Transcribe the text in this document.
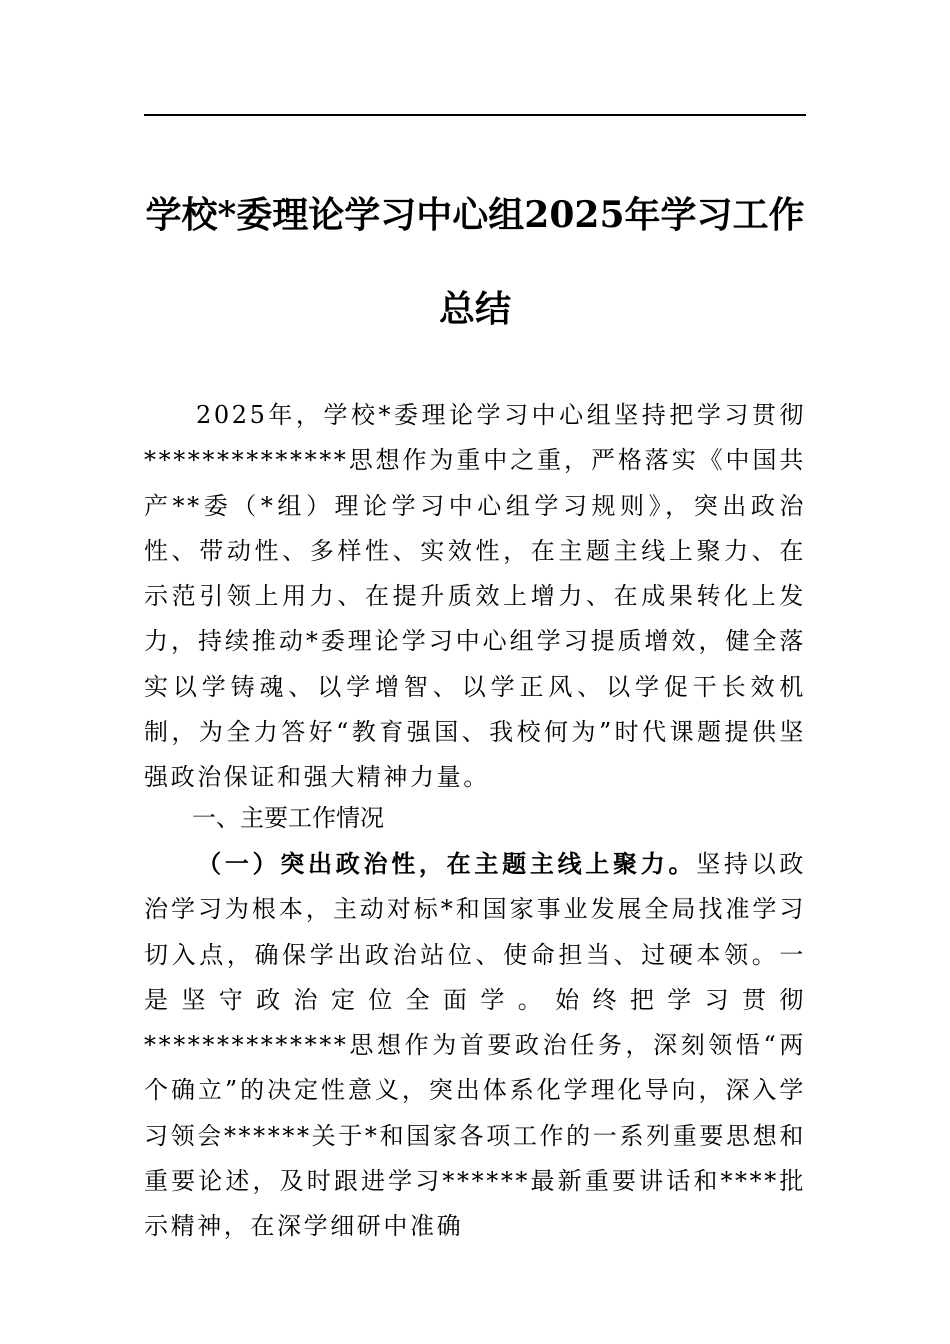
学校*委理论学习中心组2025年学习工作
总结
2025年，学校*委理论学习中心组坚持把学习贯彻**************思想作为重中之重，严格落实《中国共产**委（*组）理论学习中心组学习规则》，突出政治性、带动性、多样性、实效性，在主题主线上聚力、在示范引领上用力、在提升质效上增力、在成果转化上发力，持续推动*委理论学习中心组学习提质增效，健全落实以学铸魂、以学增智、以学正风、以学促干长效机制，为全力答好“教育强国、我校何为”时代课题提供坚强政治保证和强大精神力量。
一、主要工作情况
（一）突出政治性，在主题主线上聚力。坚持以政治学习为根本，主动对标*和国家事业发展全局找准学习切入点，确保学出政治站位、使命担当、过硬本领。一是坚守政治定位全面学。始终把学习贯彻**************思想作为首要政治任务，深刻领悟“两个确立”的决定性意义，突出体系化学理化导向，深入学习领会******关于*和国家各项工作的一系列重要思想和重要论述，及时跟进学习******最新重要讲话和****批示精神，在深学细研中准确
